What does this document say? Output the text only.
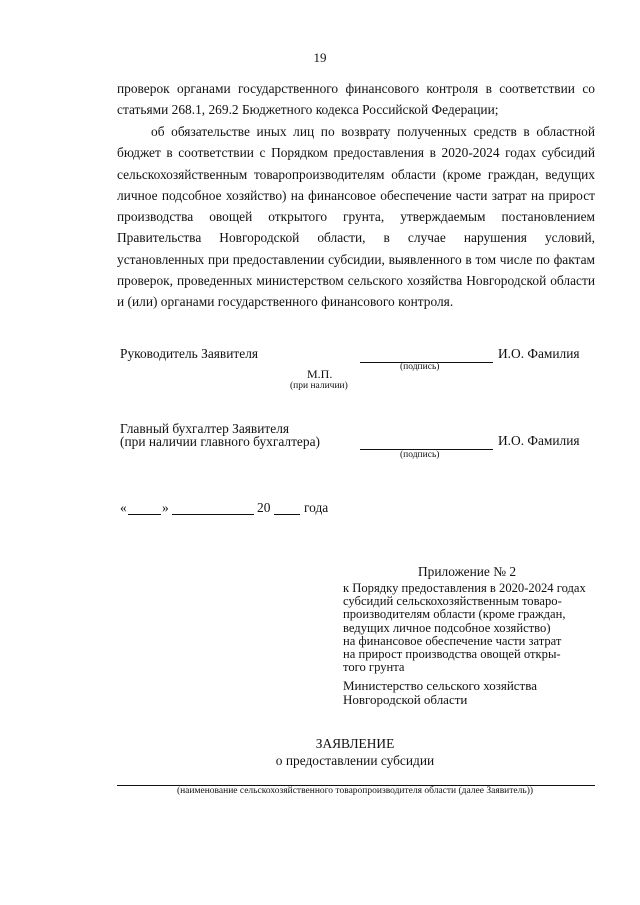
19
проверок органами государственного финансового контроля в соответствии со статьями 268.1, 269.2 Бюджетного кодекса Российской Федерации;
об обязательстве иных лиц по возврату полученных средств в областной бюджет в соответствии с Порядком предоставления в 2020-2024 годах субсидий сельскохозяйственным товаропроизводителям области (кроме граждан, ведущих личное подсобное хозяйство) на финансовое обеспечение части затрат на прирост производства овощей открытого грунта, утверждаемым постановлением Правительства Новгородской области, в случае нарушения условий, установленных при предоставлении субсидии, выявленного в том числе по фактам проверок, проведенных министерством сельского хозяйства Новгородской области и (или) органами государственного финансового контроля.
Руководитель Заявителя	И.О. Фамилия
(подпись)
М.П.
(при наличии)
Главный бухгалтер Заявителя
(при наличии главного бухгалтера)	И.О. Фамилия
(подпись)
«	»	20	года
Приложение № 2
к Порядку предоставления в 2020-2024 годах
субсидий сельскохозяйственным товаро-
производителям области (кроме граждан,
ведущих личное подсобное хозяйство)
на финансовое обеспечение части затрат
на прирост производства овощей откры-
того грунта
Министерство сельского хозяйства
Новгородской области
ЗАЯВЛЕНИЕ
о предоставлении субсидии
(наименование сельскохозяйственного товаропроизводителя области (далее Заявитель))
